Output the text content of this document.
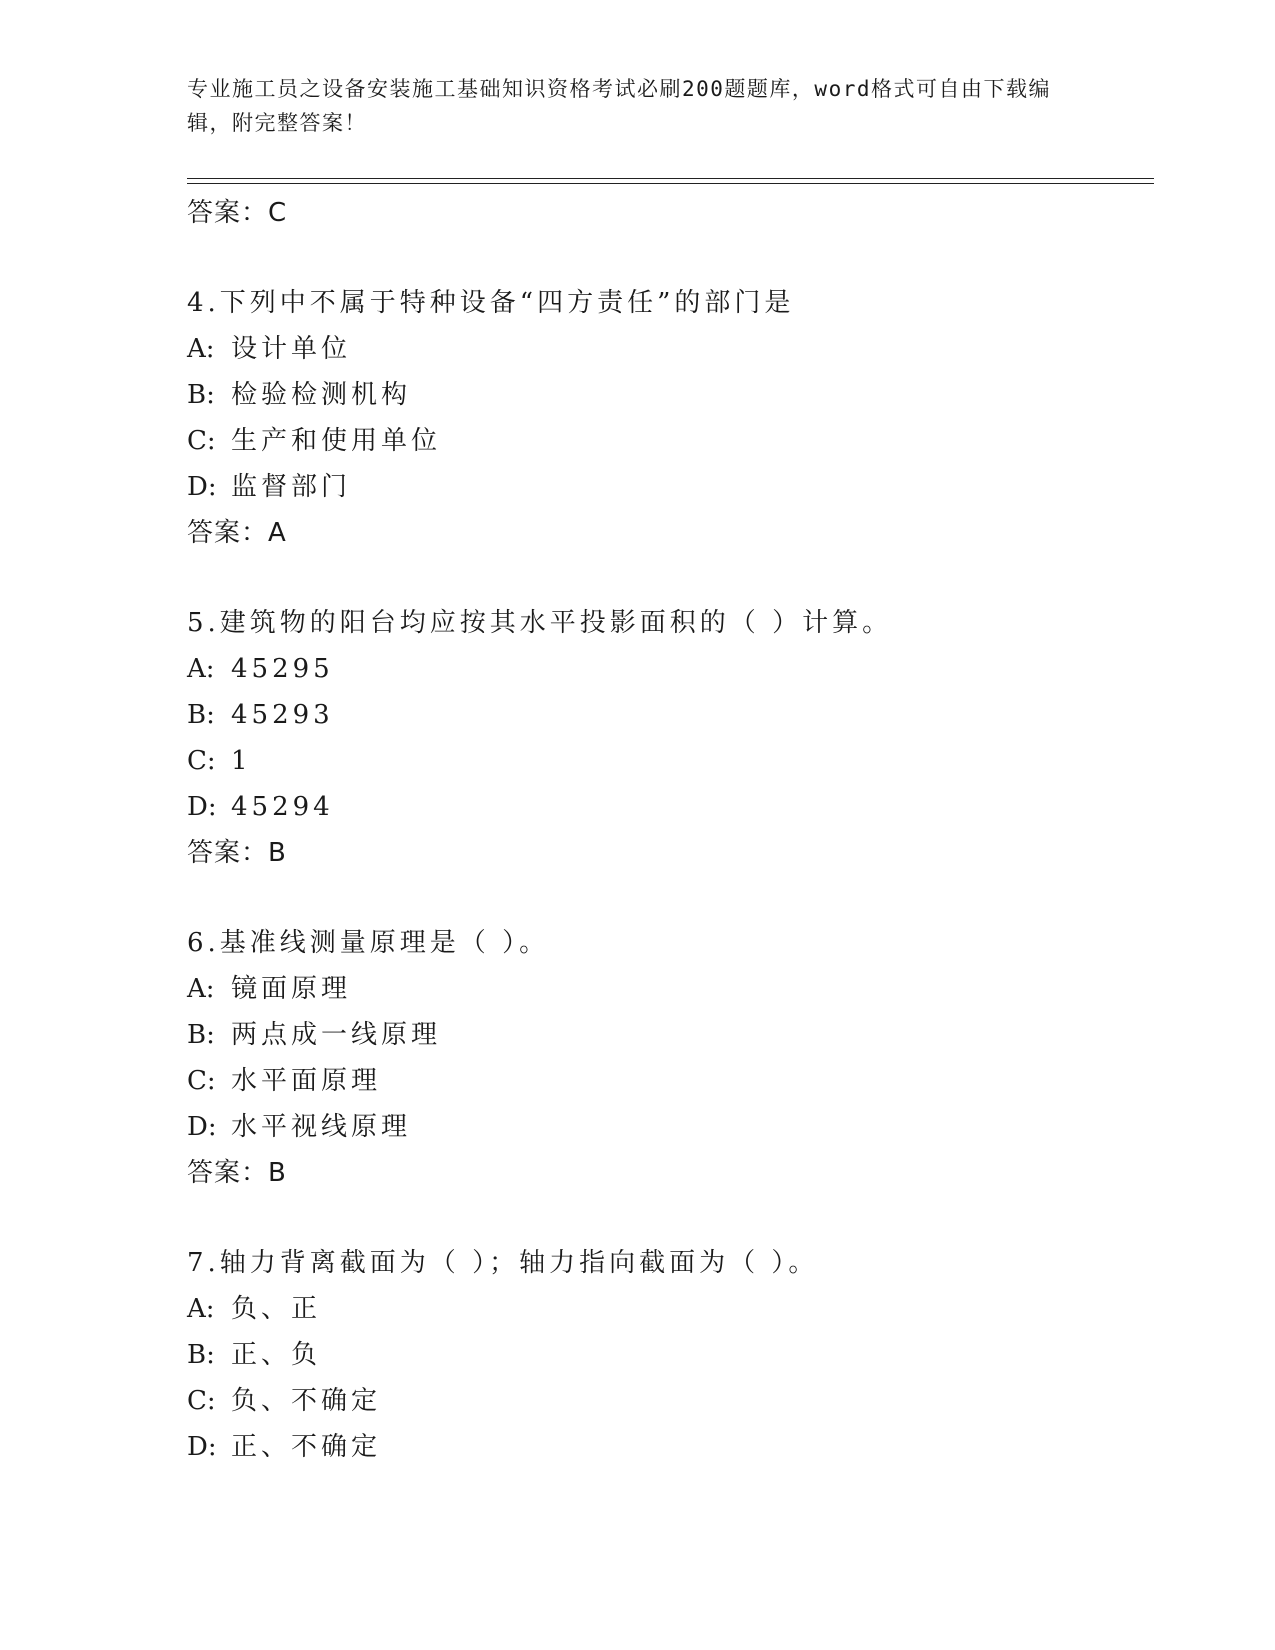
专业施工员之设备安装施工基础知识资格考试必刷200题题库，word格式可自由下载编辑，附完整答案！
答案：C
4.下列中不属于特种设备“四方责任”的部门是
A: 设计单位
B: 检验检测机构
C: 生产和使用单位
D: 监督部门
答案：A
5.建筑物的阳台均应按其水平投影面积的（ ）计算。
A: 45295
B: 45293
C: 1
D: 45294
答案：B
6.基准线测量原理是（ ）。
A: 镜面原理
B: 两点成一线原理
C: 水平面原理
D: 水平视线原理
答案：B
7.轴力背离截面为（ ）；轴力指向截面为（ ）。
A: 负、正
B: 正、负
C: 负、不确定
D: 正、不确定
